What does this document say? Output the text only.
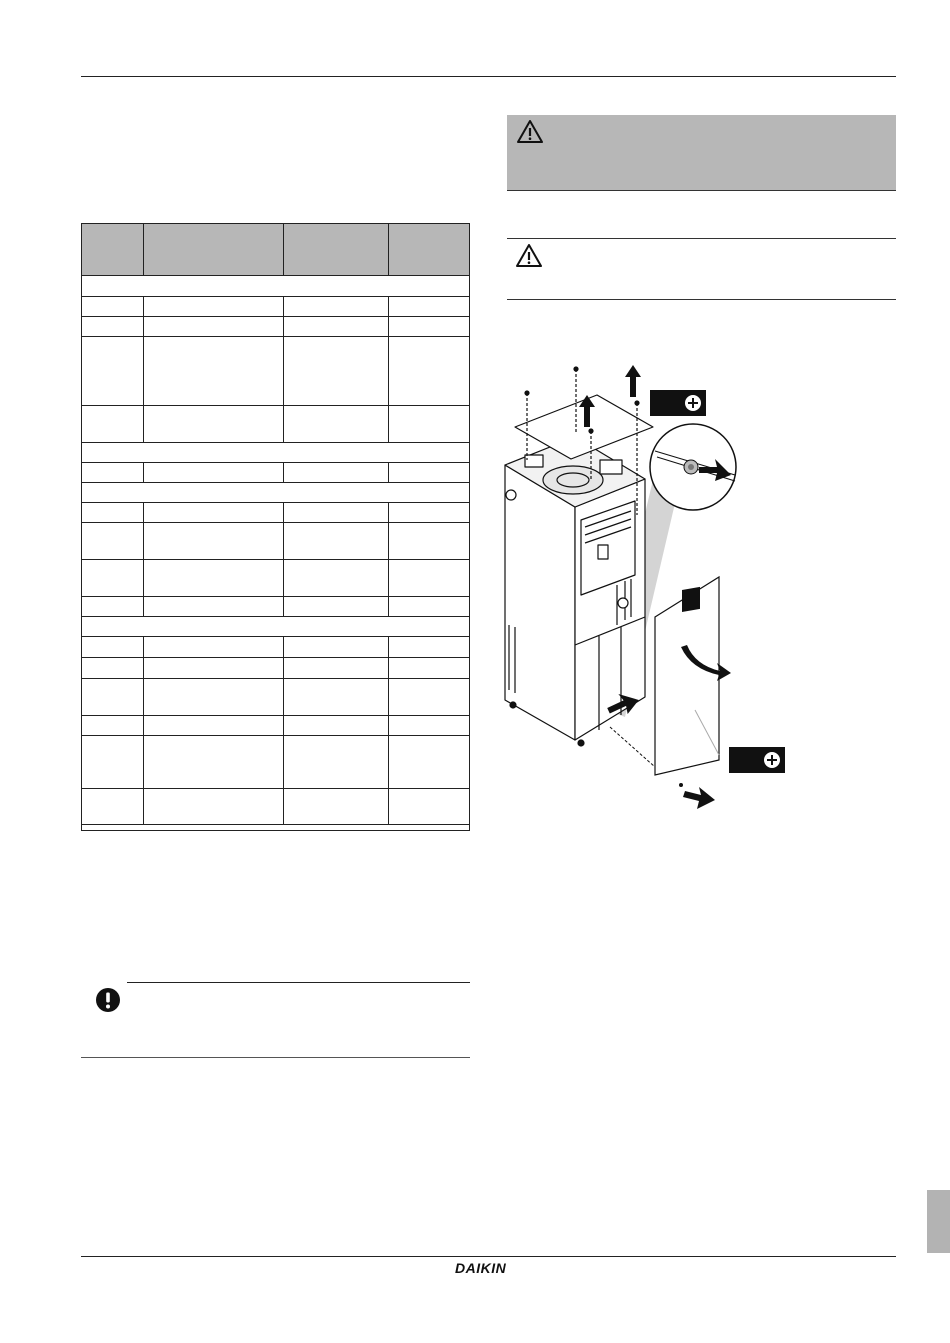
3
DAIKIN
